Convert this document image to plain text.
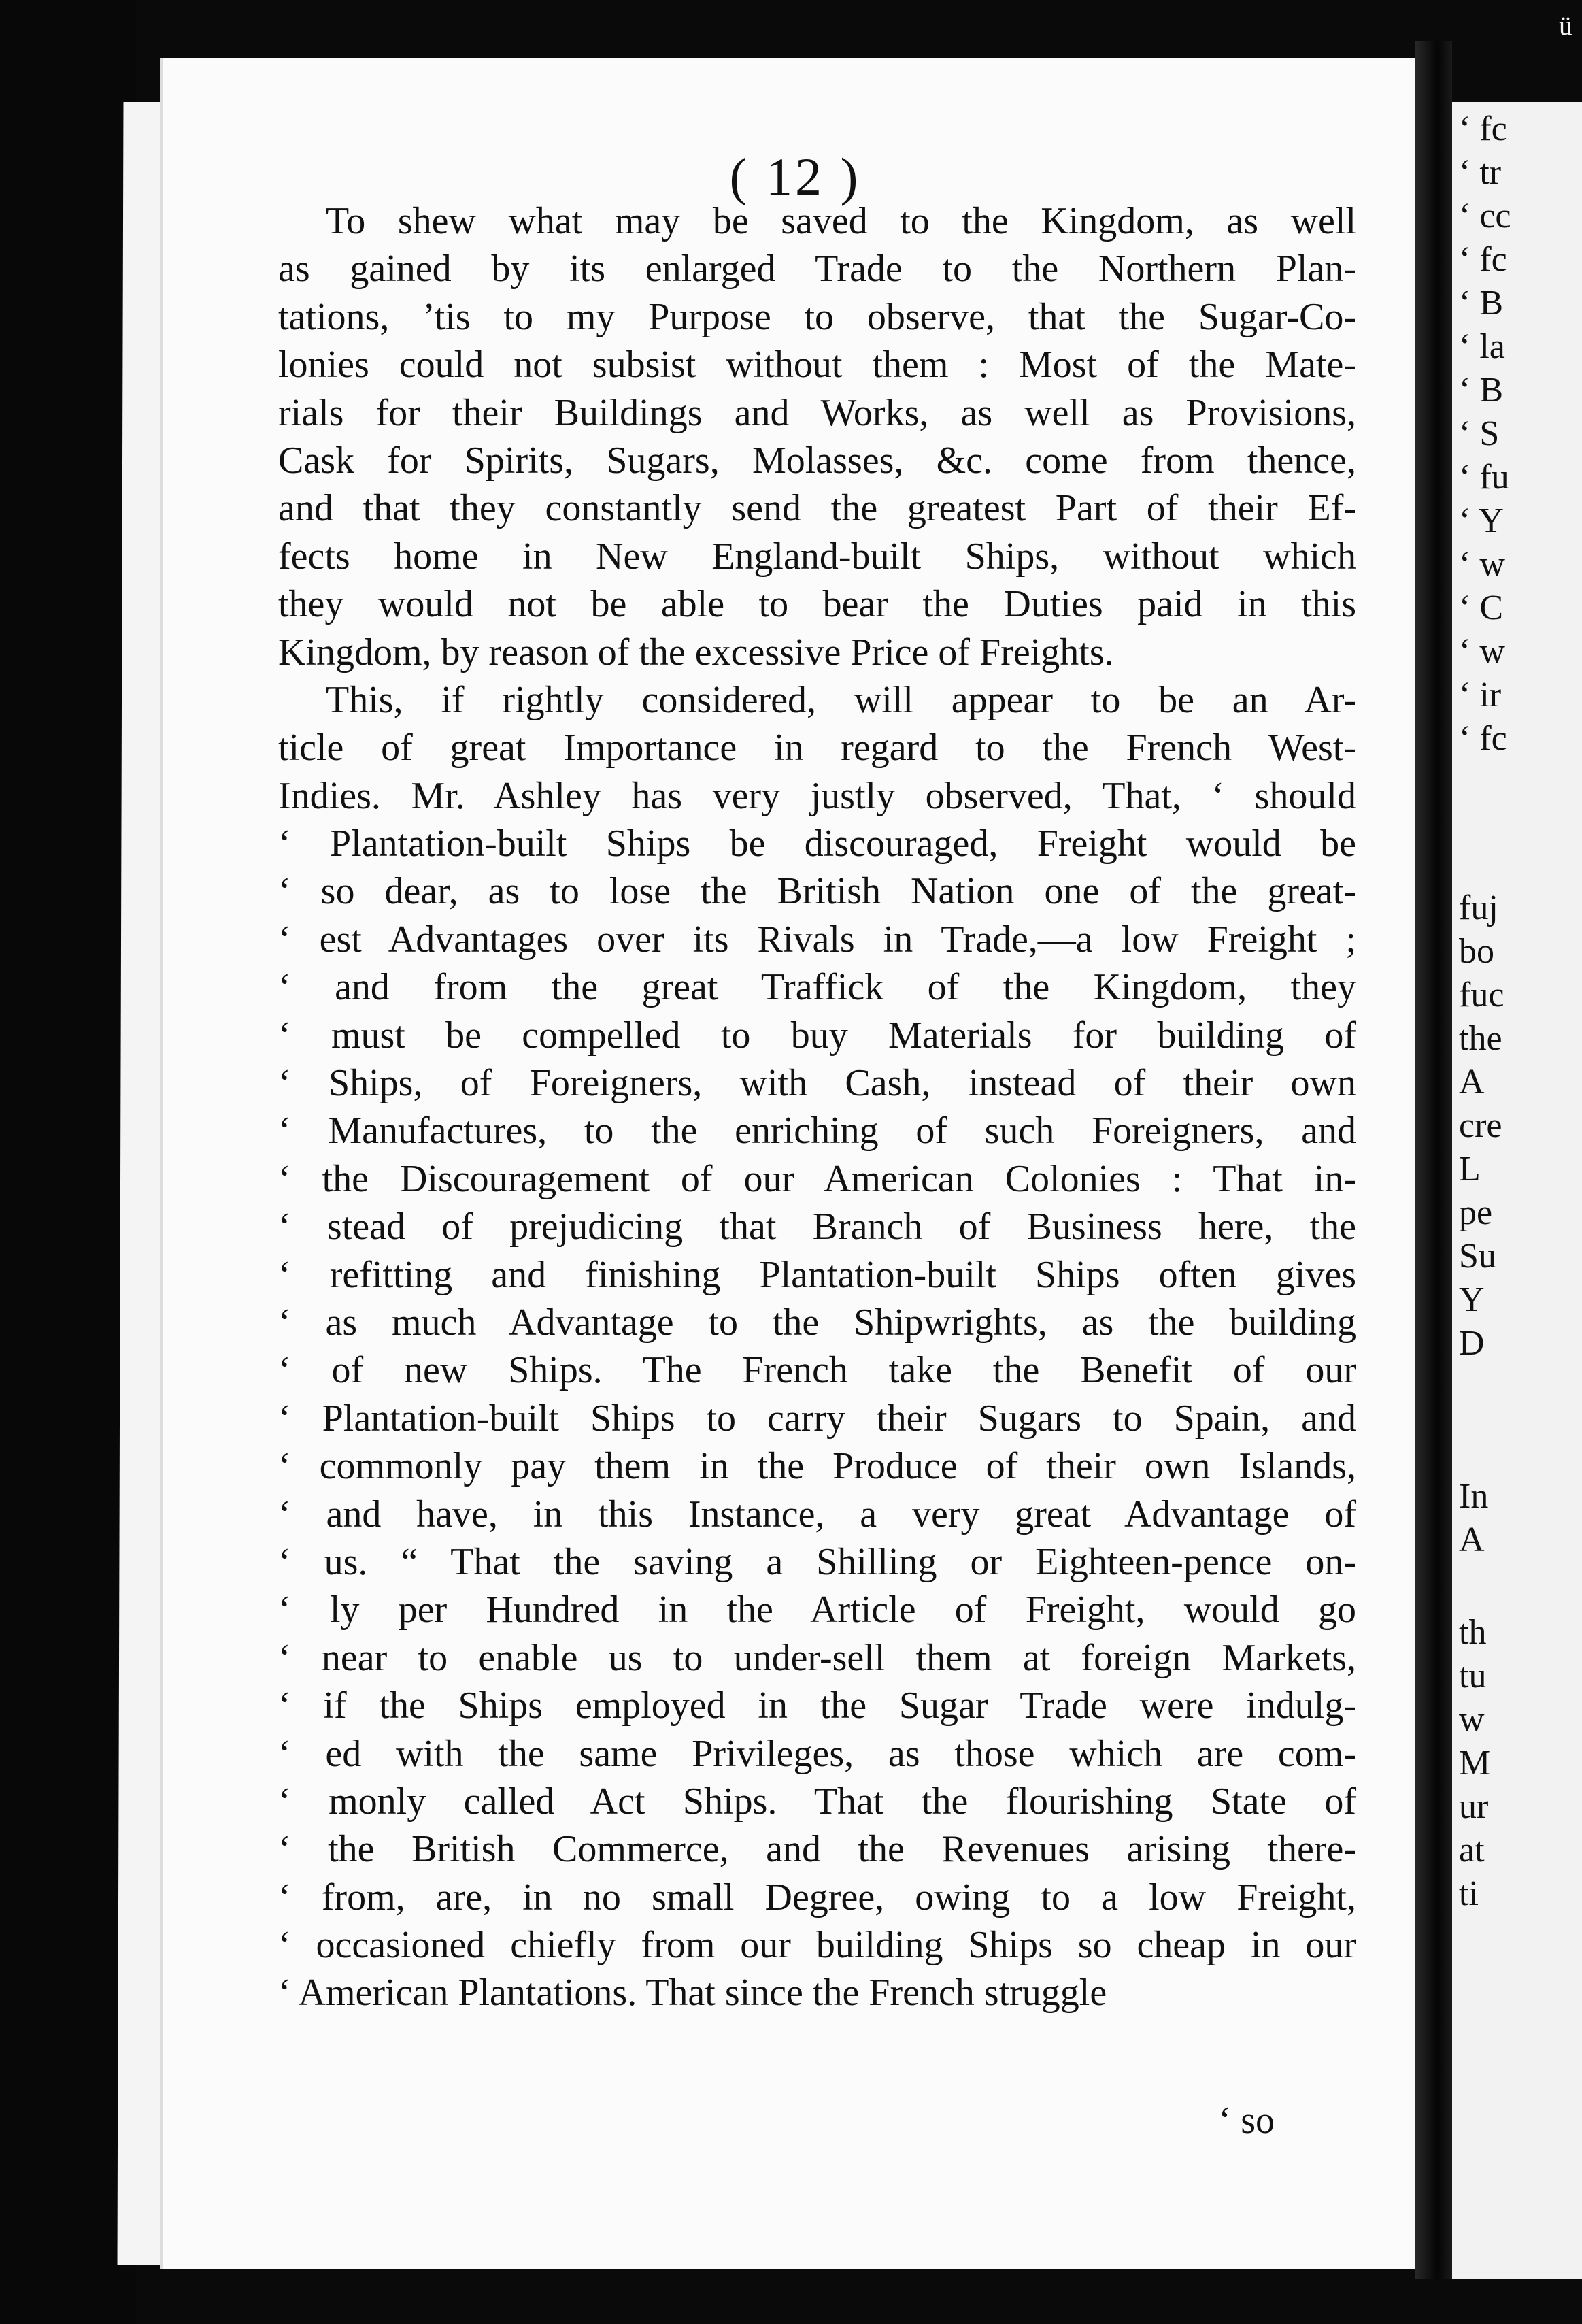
( 12 )
To shew what may be saved to the Kingdom, as well
as gained by its enlarged Trade to the Northern Plan-
tations, ’tis to my Purpose to observe, that the Sugar-Co-
lonies could not subsist without them : Most of the Mate-
rials for their Buildings and Works, as well as Provisions,
Cask for Spirits, Sugars, Molasses, &c. come from thence,
and that they constantly send the greatest Part of their Ef-
fects home in New England-built Ships, without which
they would not be able to bear the Duties paid in this
Kingdom, by reason of the excessive Price of Freights.
This, if rightly considered, will appear to be an Ar-
ticle of great Importance in regard to the French West-
Indies. Mr. Ashley has very justly observed, That, ‘ should
‘ Plantation-built Ships be discouraged, Freight would be
‘ so dear, as to lose the British Nation one of the great-
‘ est Advantages over its Rivals in Trade,—a low Freight ;
‘ and from the great Traffick of the Kingdom, they
‘ must be compelled to buy Materials for building of
‘ Ships, of Foreigners, with Cash, instead of their own
‘ Manufactures, to the enriching of such Foreigners, and
‘ the Discouragement of our American Colonies : That in-
‘ stead of prejudicing that Branch of Business here, the
‘ refitting and finishing Plantation-built Ships often gives
‘ as much Advantage to the Shipwrights, as the building
‘ of new Ships. The French take the Benefit of our
‘ Plantation-built Ships to carry their Sugars to Spain, and
‘ commonly pay them in the Produce of their own Islands,
‘ and have, in this Instance, a very great Advantage of
‘ us. “ That the saving a Shilling or Eighteen-pence on-
‘ ly per Hundred in the Article of Freight, would go
‘ near to enable us to under-sell them at foreign Markets,
‘ if the Ships employed in the Sugar Trade were indulg-
‘ ed with the same Privileges, as those which are com-
‘ monly called Act Ships. That the flourishing State of
‘ the British Commerce, and the Revenues arising there-
‘ from, are, in no small Degree, owing to a low Freight,
‘ occasioned chiefly from our building Ships so cheap in our
‘ American Plantations. That since the French struggle
‘ so
‘ fc
‘ tr
‘ cc
‘ fc
‘ B
‘ la
‘ B
‘ S
‘ fu
‘ Y
‘ w
‘ C
‘ w
‘ ir
‘ fc
fuj
bo
fuc
the
A
cre
L
pe
Su
Y
D
In
A
th
tu
w
M
ur
at
ti
ü
